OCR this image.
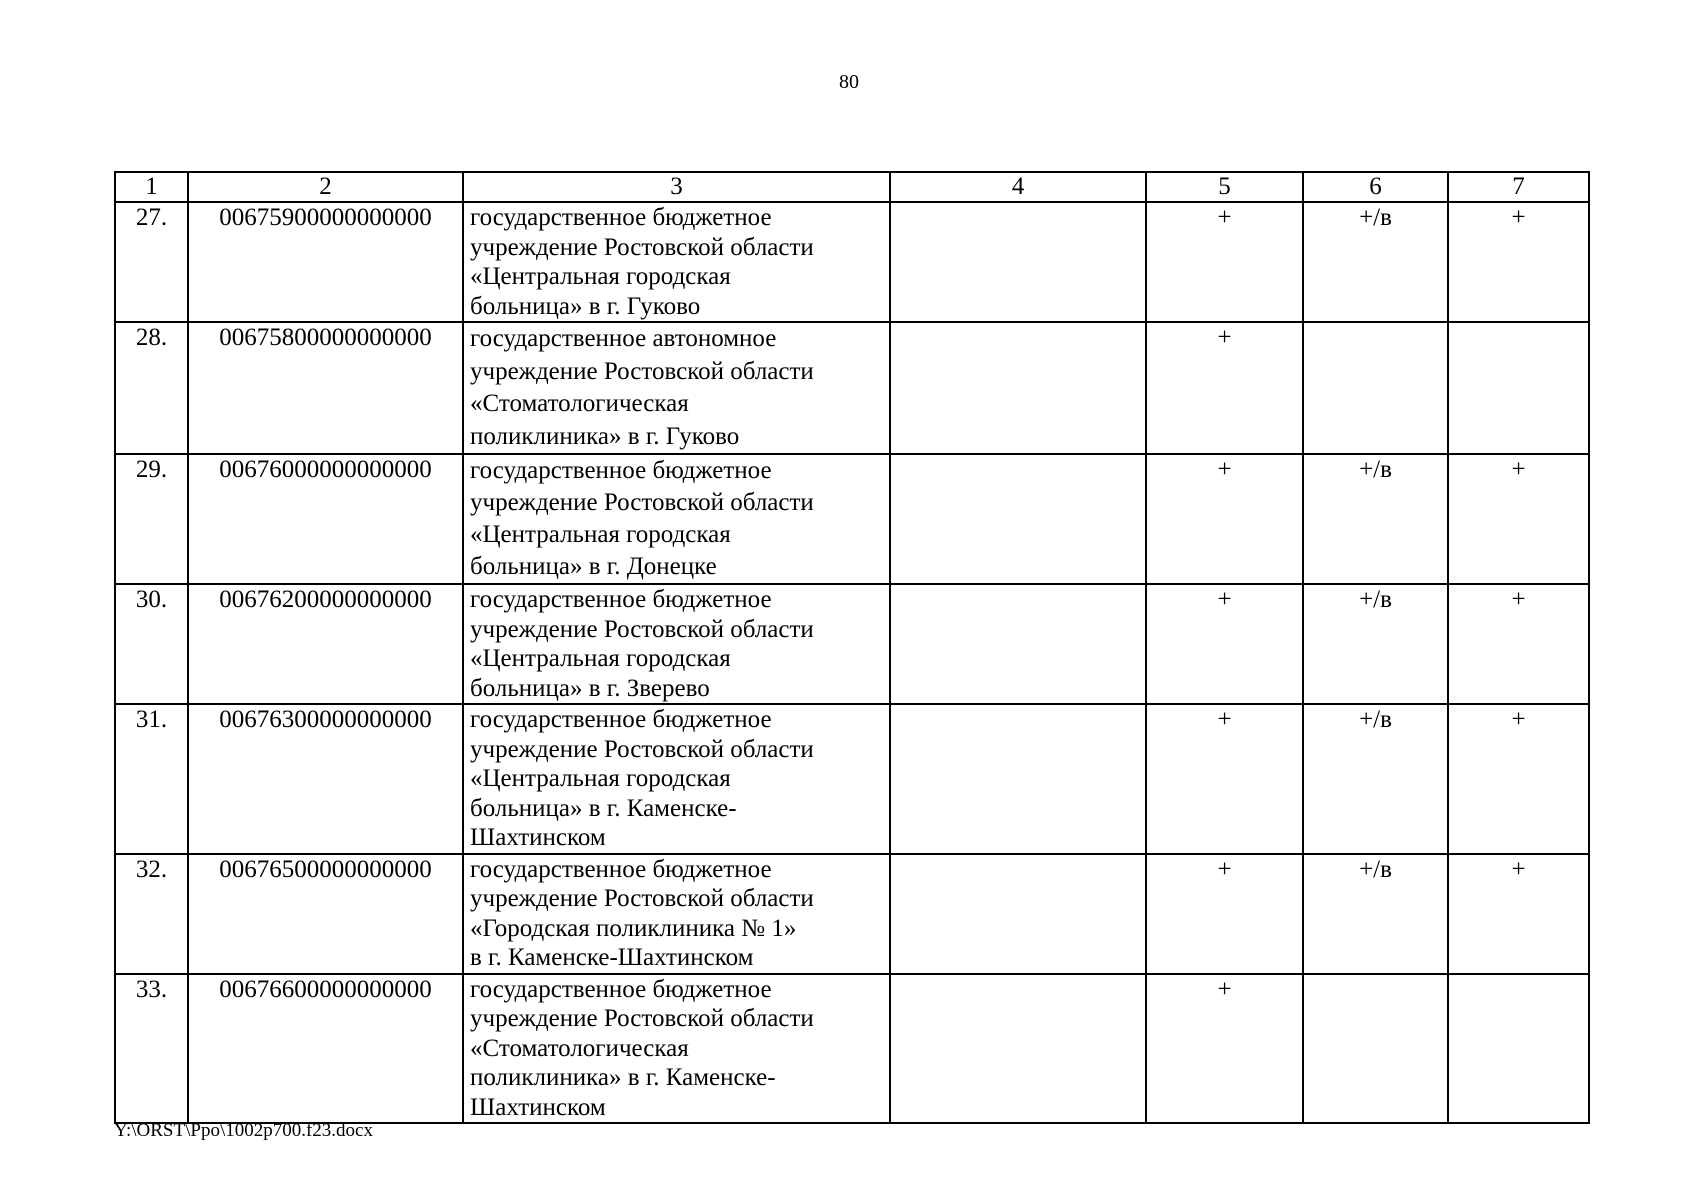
80
1	2	3	4	5	6	7
27.	00675900000000000	государственное бюджетное
учреждение Ростовской области
«Центральная городская
больница» в г. Гуково		+	+/в	+
28.	00675800000000000	государственное автономное
учреждение Ростовской области
«Стоматологическая
поликлиника» в г. Гуково		+		
29.	00676000000000000	государственное бюджетное
учреждение Ростовской области
«Центральная городская
больница» в г. Донецке		+	+/в	+
30.	00676200000000000	государственное бюджетное
учреждение Ростовской области
«Центральная городская
больница» в г. Зверево		+	+/в	+
31.	00676300000000000	государственное бюджетное
учреждение Ростовской области
«Центральная городская
больница» в г. Каменске-
Шахтинском		+	+/в	+
32.	00676500000000000	государственное бюджетное
учреждение Ростовской области
«Городская поликлиника № 1»
в г. Каменске-Шахтинском		+	+/в	+
33.	00676600000000000	государственное бюджетное
учреждение Ростовской области
«Стоматологическая
поликлиника» в г. Каменске-
Шахтинском		+		
Y:\ORST\Ppo\1002p700.f23.docx
